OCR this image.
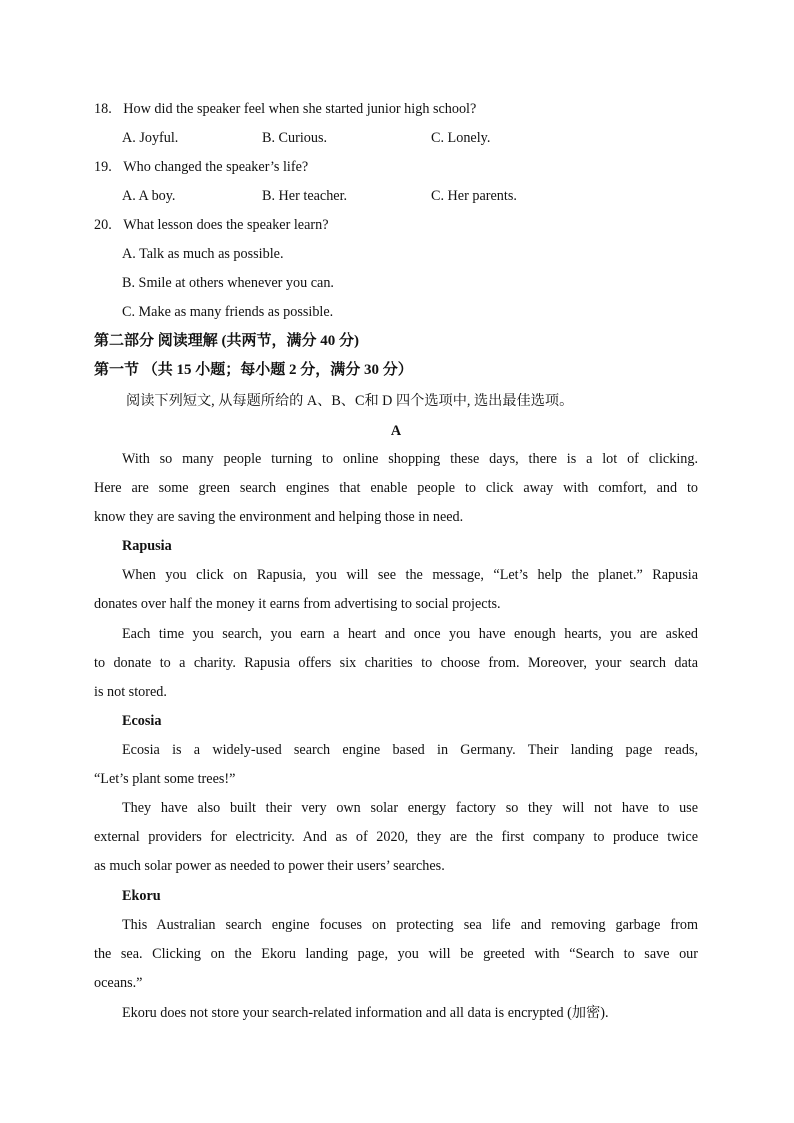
18. How did the speaker feel when she started junior high school?
A. Joyful.	B. Curious.	C. Lonely.
19. Who changed the speaker’s life?
A. A boy.	B. Her teacher.	C. Her parents.
20. What lesson does the speaker learn?
A. Talk as much as possible.
B. Smile at others whenever you can.
C. Make as many friends as possible.
第二部分 阅读理解 (共两节，满分 40 分)
第一节 （共 15 小题；每小题 2 分，满分 30 分）
阅读下列短文, 从每题所给的 A、B、C和 D 四个选项中, 选出最佳选项。
A
With so many people turning to online shopping these days, there is a lot of clicking.
Here are some green search engines that enable people to click away with comfort, and to
know they are saving the environment and helping those in need.
Rapusia
When you click on Rapusia, you will see the message, “Let’s help the planet.” Rapusia
donates over half the money it earns from advertising to social projects.
Each time you search, you earn a heart and once you have enough hearts, you are asked
to donate to a charity. Rapusia offers six charities to choose from. Moreover, your search data
is not stored.
Ecosia
Ecosia is a widely-used search engine based in Germany. Their landing page reads,
“Let’s plant some trees!”
They have also built their very own solar energy factory so they will not have to use
external providers for electricity. And as of 2020, they are the first company to produce twice
as much solar power as needed to power their users’ searches.
Ekoru
This Australian search engine focuses on protecting sea life and removing garbage from
the sea. Clicking on the Ekoru landing page, you will be greeted with “Search to save our
oceans.”
Ekoru does not store your search-related information and all data is encrypted (加密).
